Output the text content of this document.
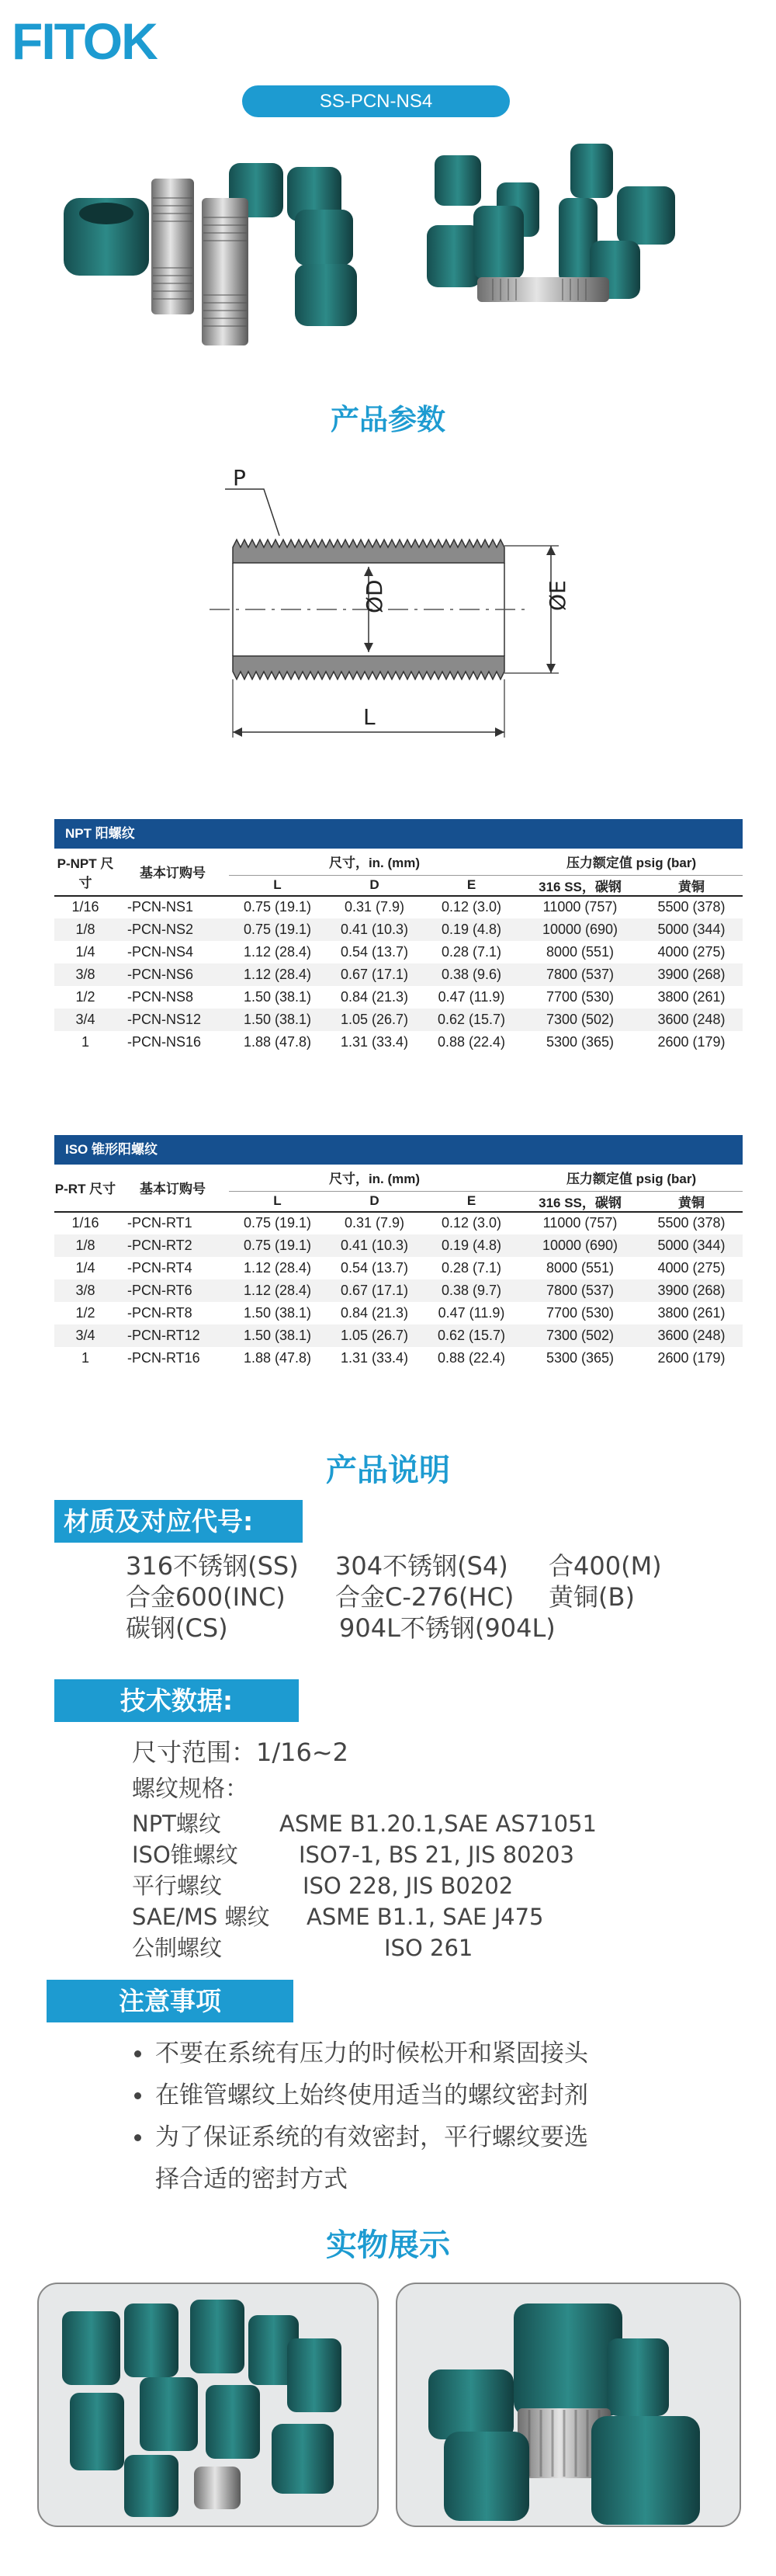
FITOK
SS-PCN-NS4
产品参数
ØD	ØE
L
P
NPT 阳螺纹
P-NPT 尺寸	基本订购号	尺寸，in. (mm)			压力额定值 psig (bar)	
		L	D	E	316 SS，碳钢	黄铜
1/16	-PCN-NS1	0.75 (19.1)	0.31 (7.9)	0.12 (3.0)	11000 (757)	5500 (378)
1/8	-PCN-NS2	0.75 (19.1)	0.41 (10.3)	0.19 (4.8)	10000 (690)	5000 (344)
1/4	-PCN-NS4	1.12 (28.4)	0.54 (13.7)	0.28 (7.1)	8000 (551)	4000 (275)
3/8	-PCN-NS6	1.12 (28.4)	0.67 (17.1)	0.38 (9.6)	7800 (537)	3900 (268)
1/2	-PCN-NS8	1.50 (38.1)	0.84 (21.3)	0.47 (11.9)	7700 (530)	3800 (261)
3/4	-PCN-NS12	1.50 (38.1)	1.05 (26.7)	0.62 (15.7)	7300 (502)	3600 (248)
1	-PCN-NS16	1.88 (47.8)	1.31 (33.4)	0.88 (22.4)	5300 (365)	2600 (179)
ISO 锥形阳螺纹
P-RT 尺寸	基本订购号	尺寸，in. (mm)			压力额定值 psig (bar)	
		L	D	E	316 SS，碳钢	黄铜
1/16	-PCN-RT1	0.75 (19.1)	0.31 (7.9)	0.12 (3.0)	11000 (757)	5500 (378)
1/8	-PCN-RT2	0.75 (19.1)	0.41 (10.3)	0.19 (4.8)	10000 (690)	5000 (344)
1/4	-PCN-RT4	1.12 (28.4)	0.54 (13.7)	0.28 (7.1)	8000 (551)	4000 (275)
3/8	-PCN-RT6	1.12 (28.4)	0.67 (17.1)	0.38 (9.7)	7800 (537)	3900 (268)
1/2	-PCN-RT8	1.50 (38.1)	0.84 (21.3)	0.47 (11.9)	7700 (530)	3800 (261)
3/4	-PCN-RT12	1.50 (38.1)	1.05 (26.7)	0.62 (15.7)	7300 (502)	3600 (248)
1	-PCN-RT16	1.88 (47.8)	1.31 (33.4)	0.88 (22.4)	5300 (365)	2600 (179)
产品说明
材质及对应代号:
316不锈钢(SS)	304不锈钢(S4)	合400(M)
合金600(INC)	合金C-276(HC)	黄铜(B)
碳钢(CS)	904L不锈钢(904L)
技术数据:
尺寸范围：1/16~2
螺纹规格：
NPT螺纹	ASME B1.20.1,SAE AS71051
ISO锥螺纹	ISO7-1, BS 21, JIS 80203
平行螺纹	ISO 228, JIS B0202
SAE/MS 螺纹	ASME B1.1, SAE J475
公制螺纹	ISO 261
注意事项
不要在系统有压力的时候松开和紧固接头
在锥管螺纹上始终使用适当的螺纹密封剂
为了保证系统的有效密封，平行螺纹要选
择合适的密封方式
实物展示
